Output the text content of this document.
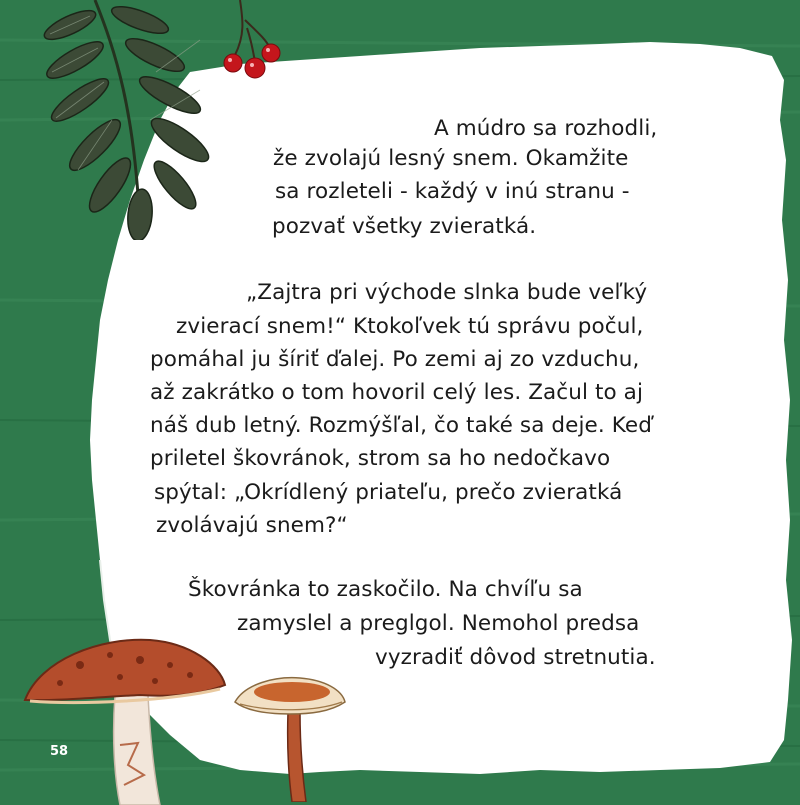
A múdro sa rozhodli,

že zvolajú lesný snem. Okamžite

sa rozleteli - každý v inú stranu -

pozvať všetky zvieratká.

„Zajtra pri východe slnka bude veľký

zvierací snem!“ Ktokoľvek tú správu počul,

pomáhal ju šíriť ďalej. Po zemi aj zo vzduchu,

až zakrátko o tom hovoril celý les. Začul to aj

náš dub letný. Rozmýšľal, čo také sa deje. Keď

priletel škovránok, strom sa ho nedočkavo

spýtal: „Okrídlený priateľu, prečo zvieratká

zvolávajú snem?“

Škovránka to zaskočilo. Na chvíľu sa

zamyslel a preglgol. Nemohol predsa

vyzradiť dôvod stretnutia.

58
